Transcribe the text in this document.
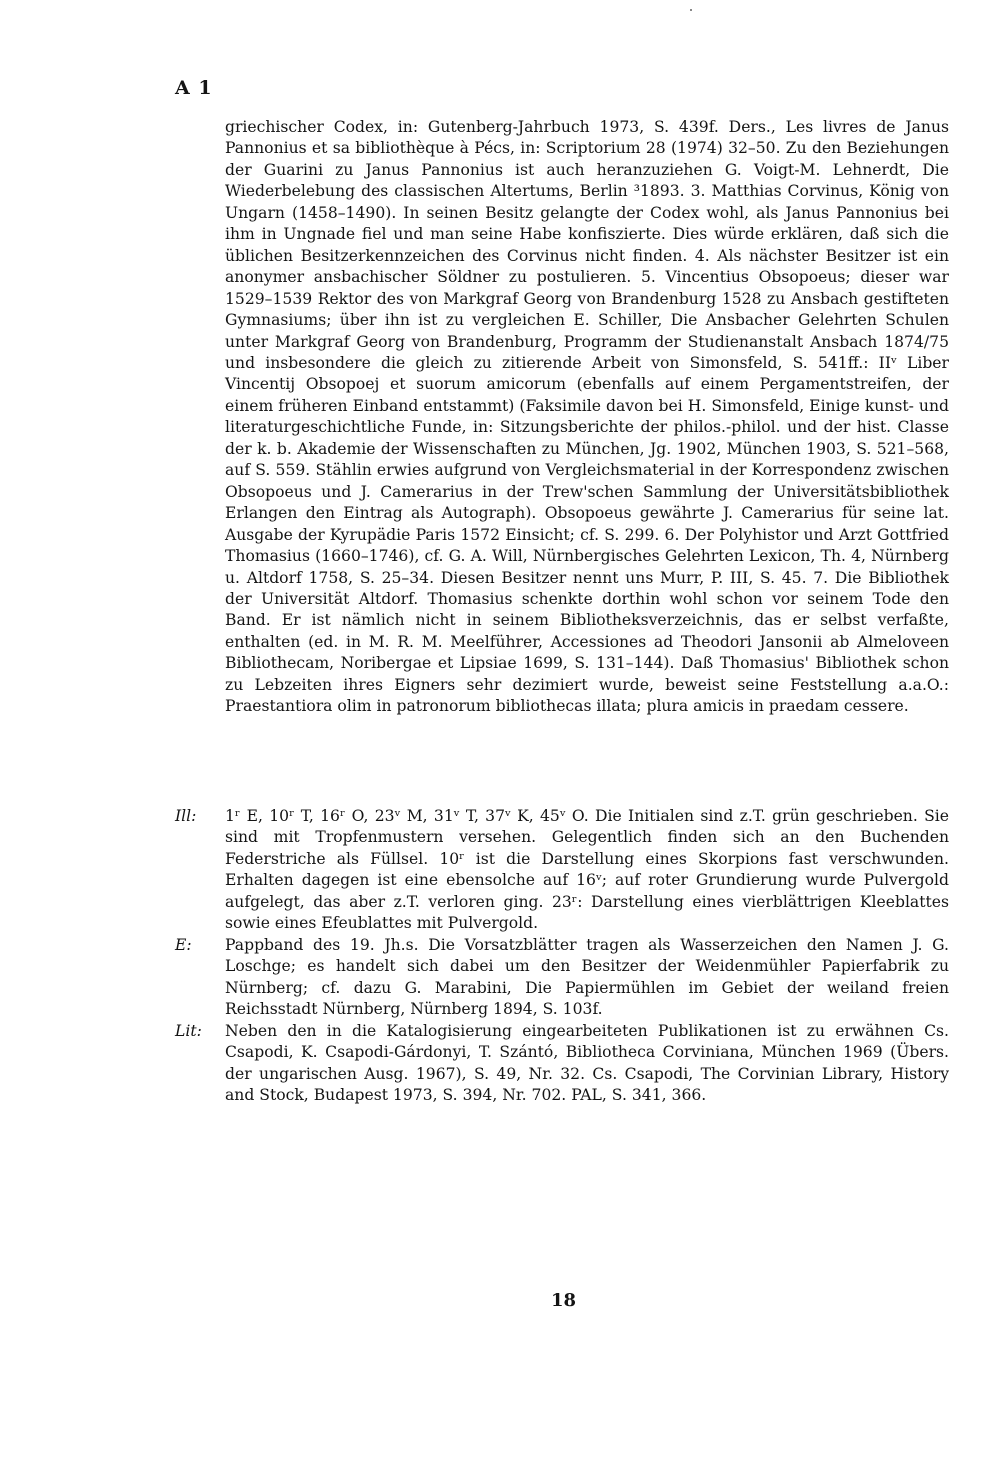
A 1
griechischer Codex, in: Gutenberg-Jahrbuch 1973, S. 439f. Ders., Les livres de Janus Pannonius et sa bibliothèque à Pécs, in: Scriptorium 28 (1974) 32–50. Zu den Beziehungen der Guarini zu Janus Pannonius ist auch heranzuziehen G. Voigt-M. Lehnerdt, Die Wiederbelebung des classischen Altertums, Berlin ³1893. 3. Matthias Corvinus, König von Ungarn (1458–1490). In seinen Besitz gelangte der Codex wohl, als Janus Pannonius bei ihm in Ungnade fiel und man seine Habe konfiszierte. Dies würde erklären, daß sich die üblichen Besitzerkennzeichen des Corvinus nicht finden. 4. Als nächster Besitzer ist ein anonymer ansbachischer Söldner zu postulieren. 5. Vincentius Obsopoeus; dieser war 1529–1539 Rektor des von Markgraf Georg von Brandenburg 1528 zu Ansbach gestifteten Gymnasiums; über ihn ist zu vergleichen E. Schiller, Die Ansbacher Gelehrten Schulen unter Markgraf Georg von Brandenburg, Programm der Studienanstalt Ansbach 1874/75 und insbesondere die gleich zu zitierende Arbeit von Simonsfeld, S. 541ff.: IIᵛ Liber Vincentij Obsopoej et suorum amicorum (ebenfalls auf einem Pergamentstreifen, der einem früheren Einband entstammt) (Faksimile davon bei H. Simonsfeld, Einige kunst- und literaturgeschichtliche Funde, in: Sitzungsberichte der philos.-philol. und der hist. Classe der k. b. Akademie der Wissenschaften zu München, Jg. 1902, München 1903, S. 521–568, auf S. 559. Stählin erwies aufgrund von Vergleichsmaterial in der Korrespondenz zwischen Obsopoeus und J. Camerarius in der Trew'schen Sammlung der Universitätsbibliothek Erlangen den Eintrag als Autograph). Obsopoeus gewährte J. Camerarius für seine lat. Ausgabe der Kyrupädie Paris 1572 Einsicht; cf. S. 299. 6. Der Polyhistor und Arzt Gottfried Thomasius (1660–1746), cf. G. A. Will, Nürnbergisches Gelehrten Lexicon, Th. 4, Nürnberg u. Altdorf 1758, S. 25–34. Diesen Besitzer nennt uns Murr, P. III, S. 45. 7. Die Bibliothek der Universität Altdorf. Thomasius schenkte dorthin wohl schon vor seinem Tode den Band. Er ist nämlich nicht in seinem Bibliotheksverzeichnis, das er selbst verfaßte, enthalten (ed. in M. R. M. Meelführer, Accessiones ad Theodori Jansonii ab Almeloveen Bibliothecam, Noribergae et Lipsiae 1699, S. 131–144). Daß Thomasius' Bibliothek schon zu Lebzeiten ihres Eigners sehr dezimiert wurde, beweist seine Feststellung a.a.O.: Praestantiora olim in patronorum bibliothecas illata; plura amicis in praedam cessere.
Ill: 1ʳ E, 10ʳ T, 16ʳ O, 23ᵛ M, 31ᵛ T, 37ᵛ K, 45ᵛ O. Die Initialen sind z.T. grün geschrieben. Sie sind mit Tropfenmustern versehen. Gelegentlich finden sich an den Buchenden Federstriche als Füllsel. 10ʳ ist die Darstellung eines Skorpions fast verschwunden. Erhalten dagegen ist eine ebensolche auf 16ᵛ; auf roter Grundierung wurde Pulvergold aufgelegt, das aber z.T. verloren ging. 23ʳ: Darstellung eines vierblättrigen Kleeblattes sowie eines Efeublattes mit Pulvergold.
E: Pappband des 19. Jh.s. Die Vorsatzblätter tragen als Wasserzeichen den Namen J. G. Loschge; es handelt sich dabei um den Besitzer der Weidenmühler Papierfabrik zu Nürnberg; cf. dazu G. Marabini, Die Papiermühlen im Gebiet der weiland freien Reichsstadt Nürnberg, Nürnberg 1894, S. 103f.
Lit: Neben den in die Katalogisierung eingearbeiteten Publikationen ist zu erwähnen Cs. Csapodi, K. Csapodi-Gárdonyi, T. Szántó, Bibliotheca Corviniana, München 1969 (Übers. der ungarischen Ausg. 1967), S. 49, Nr. 32. Cs. Csapodi, The Corvinian Library, History and Stock, Budapest 1973, S. 394, Nr. 702. PAL, S. 341, 366.
18
